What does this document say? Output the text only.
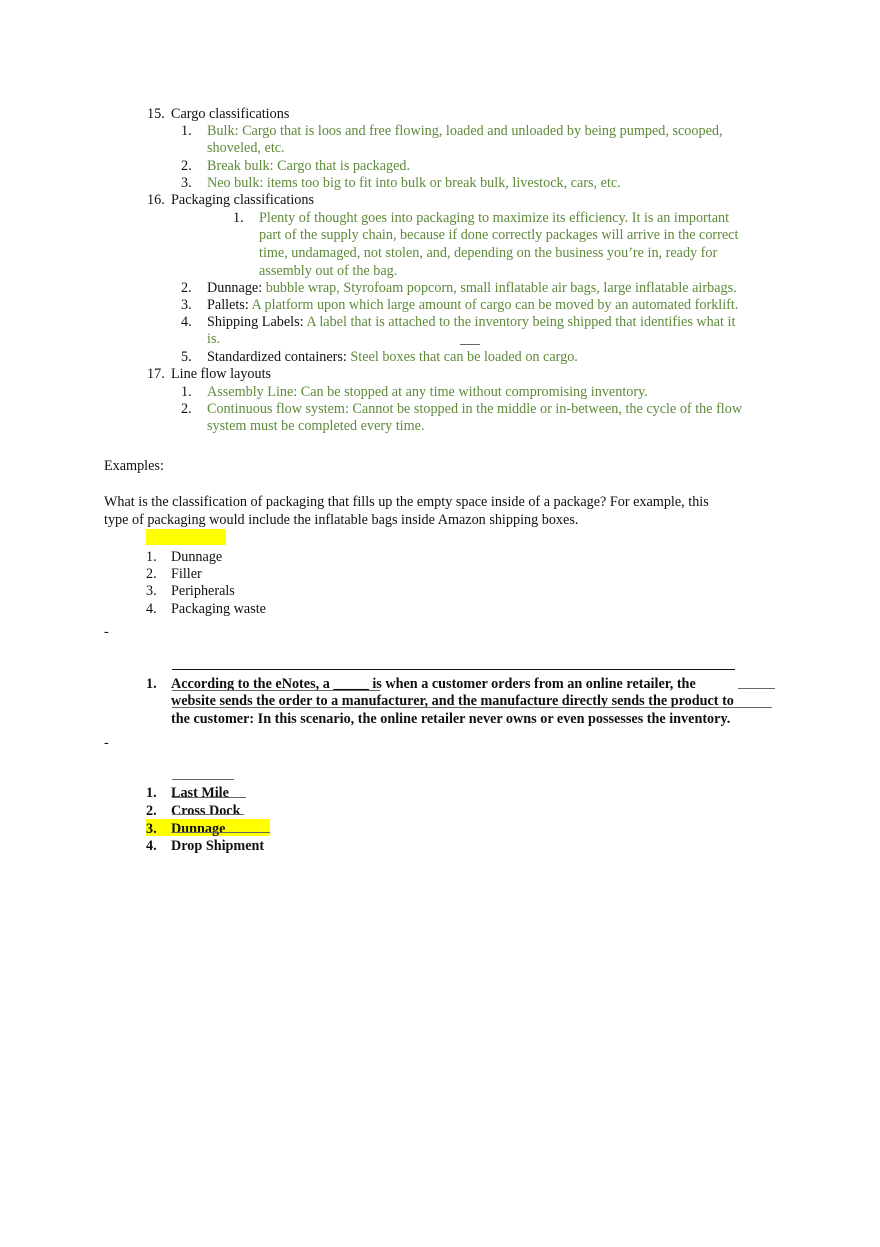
15. Cargo classifications
1. Bulk: Cargo that is loos and free flowing, loaded and unloaded by being pumped, scooped,
shoveled, etc.
2. Break bulk: Cargo that is packaged.
3. Neo bulk: items too big to fit into bulk or break bulk, livestock, cars, etc.
16. Packaging classifications
1. Plenty of thought goes into packaging to maximize its efficiency. It is an important
part of the supply chain, because if done correctly packages will arrive in the correct
time, undamaged, not stolen, and, depending on the business you’re in, ready for
assembly out of the bag.
2. Dunnage: bubble wrap, Styrofoam popcorn, small inflatable air bags, large inflatable airbags.
3. Pallets: A platform upon which large amount of cargo can be moved by an automated forklift.
4. Shipping Labels: A label that is attached to the inventory being shipped that identifies what it
is.
5. Standardized containers: Steel boxes that can be loaded on cargo.
17. Line flow layouts
1. Assembly Line: Can be stopped at any time without compromising inventory.
2. Continuous flow system: Cannot be stopped in the middle or in-between, the cycle of the flow
system must be completed every time.
Examples:
What is the classification of packaging that fills up the empty space inside of a package? For example, this
type of packaging would include the inflatable bags inside Amazon shipping boxes.
1. Dunnage
2. Filler
3. Peripherals
4. Packaging waste
-
1. According to the eNotes, a _____ is when a customer orders from an online retailer, the
website sends the order to a manufacturer, and the manufacture directly sends the product to
the customer: In this scenario, the online retailer never owns or even possesses the inventory.
-
1. Last Mile
2. Cross Dock
3. Dunnage
4. Drop Shipment
